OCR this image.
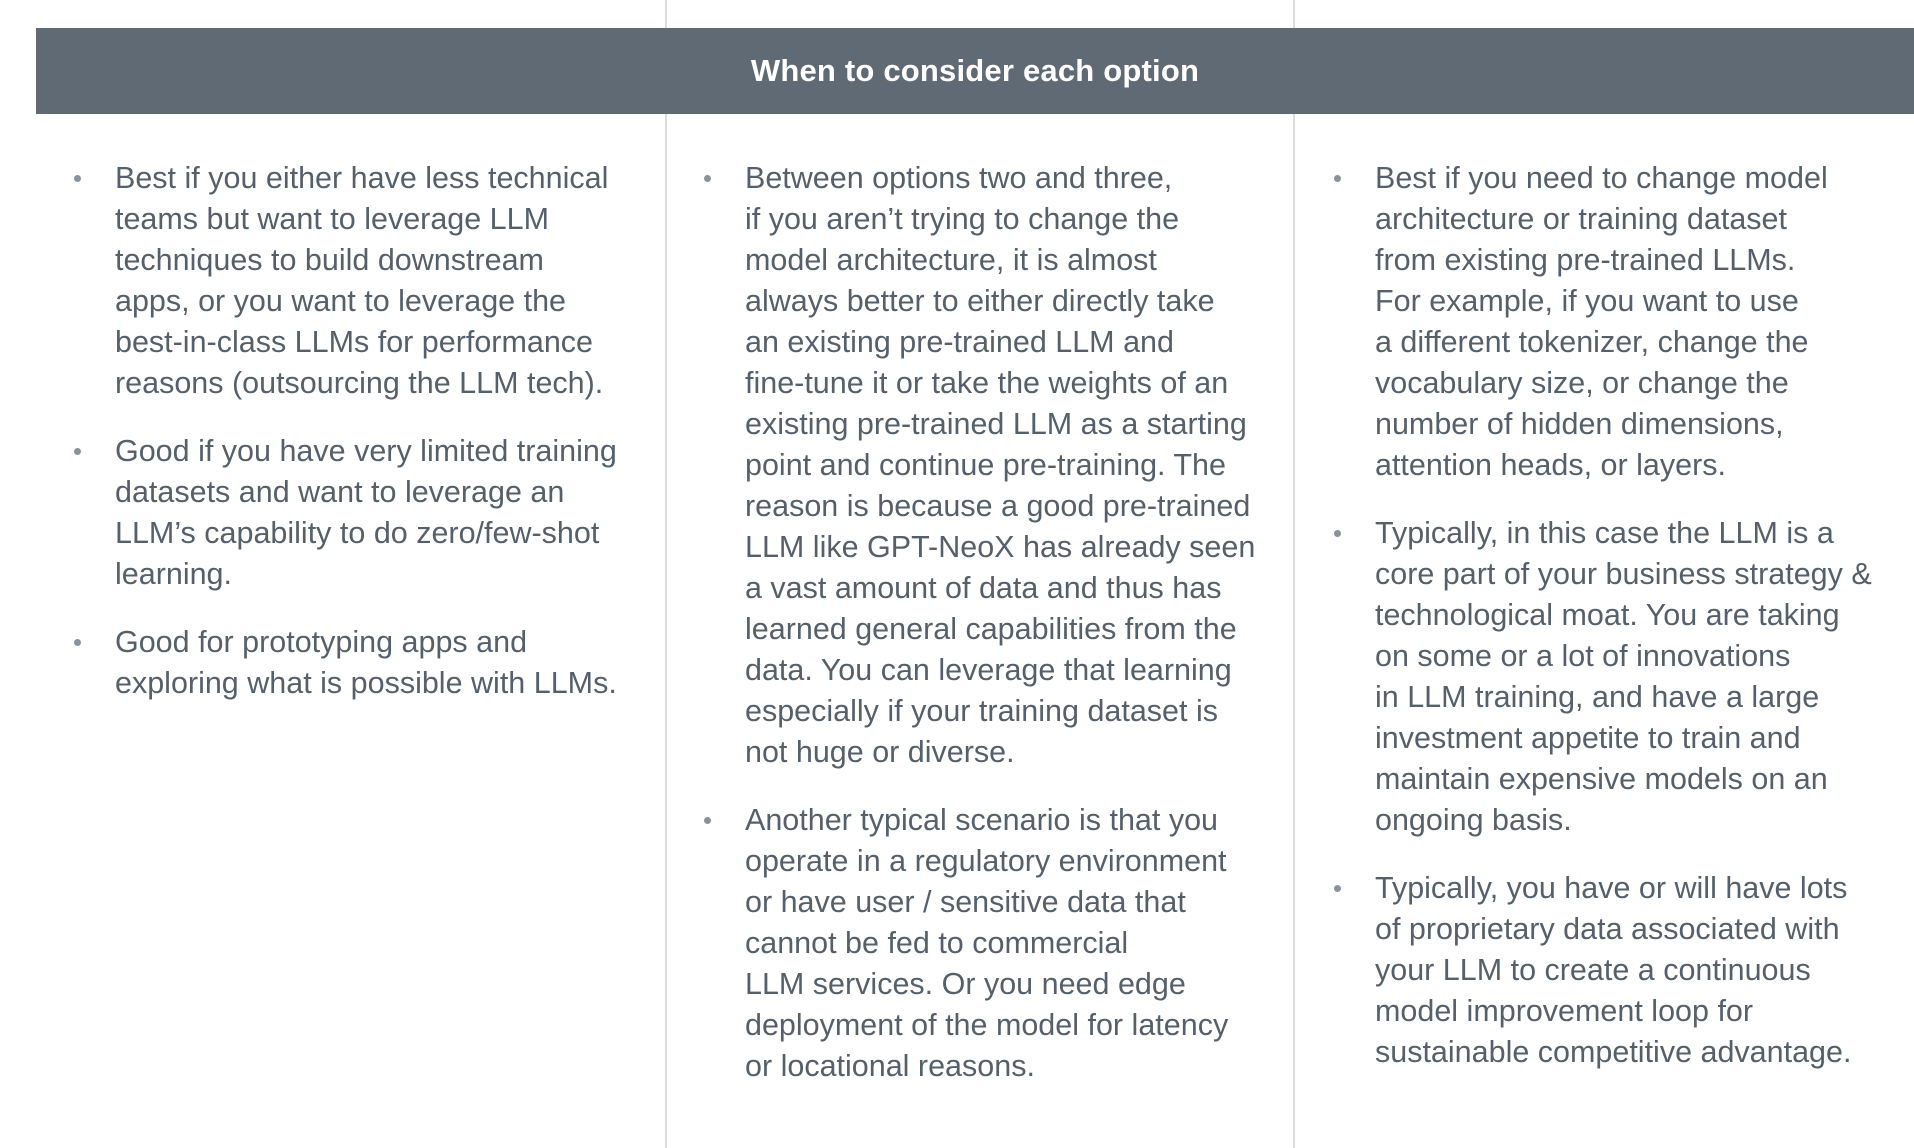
When to consider each option
Best if you either have less technical
teams but want to leverage LLM
techniques to build downstream
apps, or you want to leverage the
best-in-class LLMs for performance
reasons (outsourcing the LLM tech).
Good if you have very limited training
datasets and want to leverage an
LLM’s capability to do zero/few-shot
learning.
Good for prototyping apps and
exploring what is possible with LLMs.
Between options two and three,
if you aren’t trying to change the
model architecture, it is almost
always better to either directly take
an existing pre-trained LLM and
fine-tune it or take the weights of an
existing pre-trained LLM as a starting
point and continue pre-training. The
reason is because a good pre-trained
LLM like GPT-NeoX has already seen
a vast amount of data and thus has
learned general capabilities from the
data. You can leverage that learning
especially if your training dataset is
not huge or diverse.
Another typical scenario is that you
operate in a regulatory environment
or have user / sensitive data that
cannot be fed to commercial
LLM services. Or you need edge
deployment of the model for latency
or locational reasons.
Best if you need to change model
architecture or training dataset
from existing pre-trained LLMs.
For example, if you want to use
a different tokenizer, change the
vocabulary size, or change the
number of hidden dimensions,
attention heads, or layers.
Typically, in this case the LLM is a
core part of your business strategy &
technological moat. You are taking
on some or a lot of innovations
in LLM training, and have a large
investment appetite to train and
maintain expensive models on an
ongoing basis.
Typically, you have or will have lots
of proprietary data associated with
your LLM to create a continuous
model improvement loop for
sustainable competitive advantage.
